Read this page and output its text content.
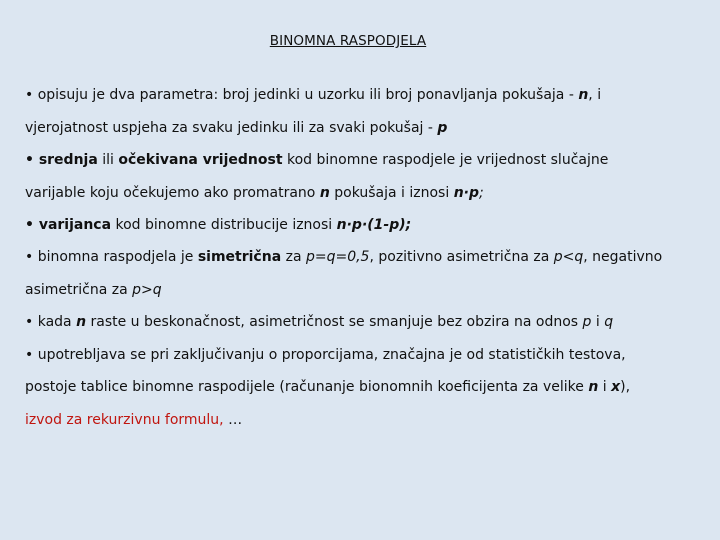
BINOMNA RASPODJELA
• opisuju je dva parametra: broj jedinki u uzorku ili broj ponavljanja pokušaja - n, i
vjerojatnost uspjeha za svaku jedinku ili za svaki pokušaj - p
• srednja ili očekivana vrijednost kod binomne raspodjele je vrijednost slučajne
varijable koju očekujemo ako promatrano n pokušaja i iznosi n·p;
• varijanca kod binomne distribucije iznosi n·p·(1-p);
• binomna raspodjela je simetrična za p=q=0,5, pozitivno asimetrična za p<q, negativno
asimetrična za p>q
• kada n raste u beskonačnost, asimetričnost se smanjuje bez obzira na odnos p i q
• upotrebljava se pri zaključivanju o proporcijama, značajna je od statističkih testova,
postoje tablice binomne raspodijele (računanje bionomnih koeficijenta za velike n i x),
izvod za rekurzivnu formulu, …
